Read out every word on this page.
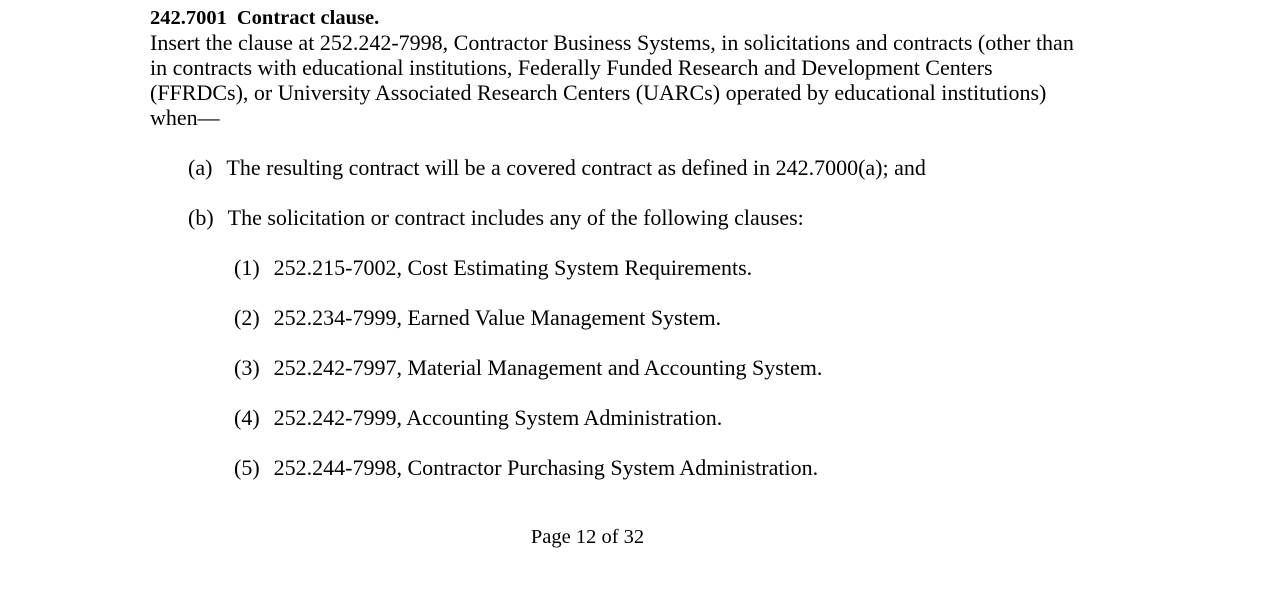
242.7001 Contract clause.

Insert the clause at 252.242-7998, Contractor Business Systems, in solicitations and contracts (other than in contracts with educational institutions, Federally Funded Research and Development Centers (FFRDCs), or University Associated Research Centers (UARCs) operated by educational institutions) when—

(a) The resulting contract will be a covered contract as defined in 242.7000(a); and
(b) The solicitation or contract includes any of the following clauses:
(1) 252.215-7002, Cost Estimating System Requirements.
(2) 252.234-7999, Earned Value Management System.
(3) 252.242-7997, Material Management and Accounting System.
(4) 252.242-7999, Accounting System Administration.
(5) 252.244-7998, Contractor Purchasing System Administration.
Page 12 of 32
